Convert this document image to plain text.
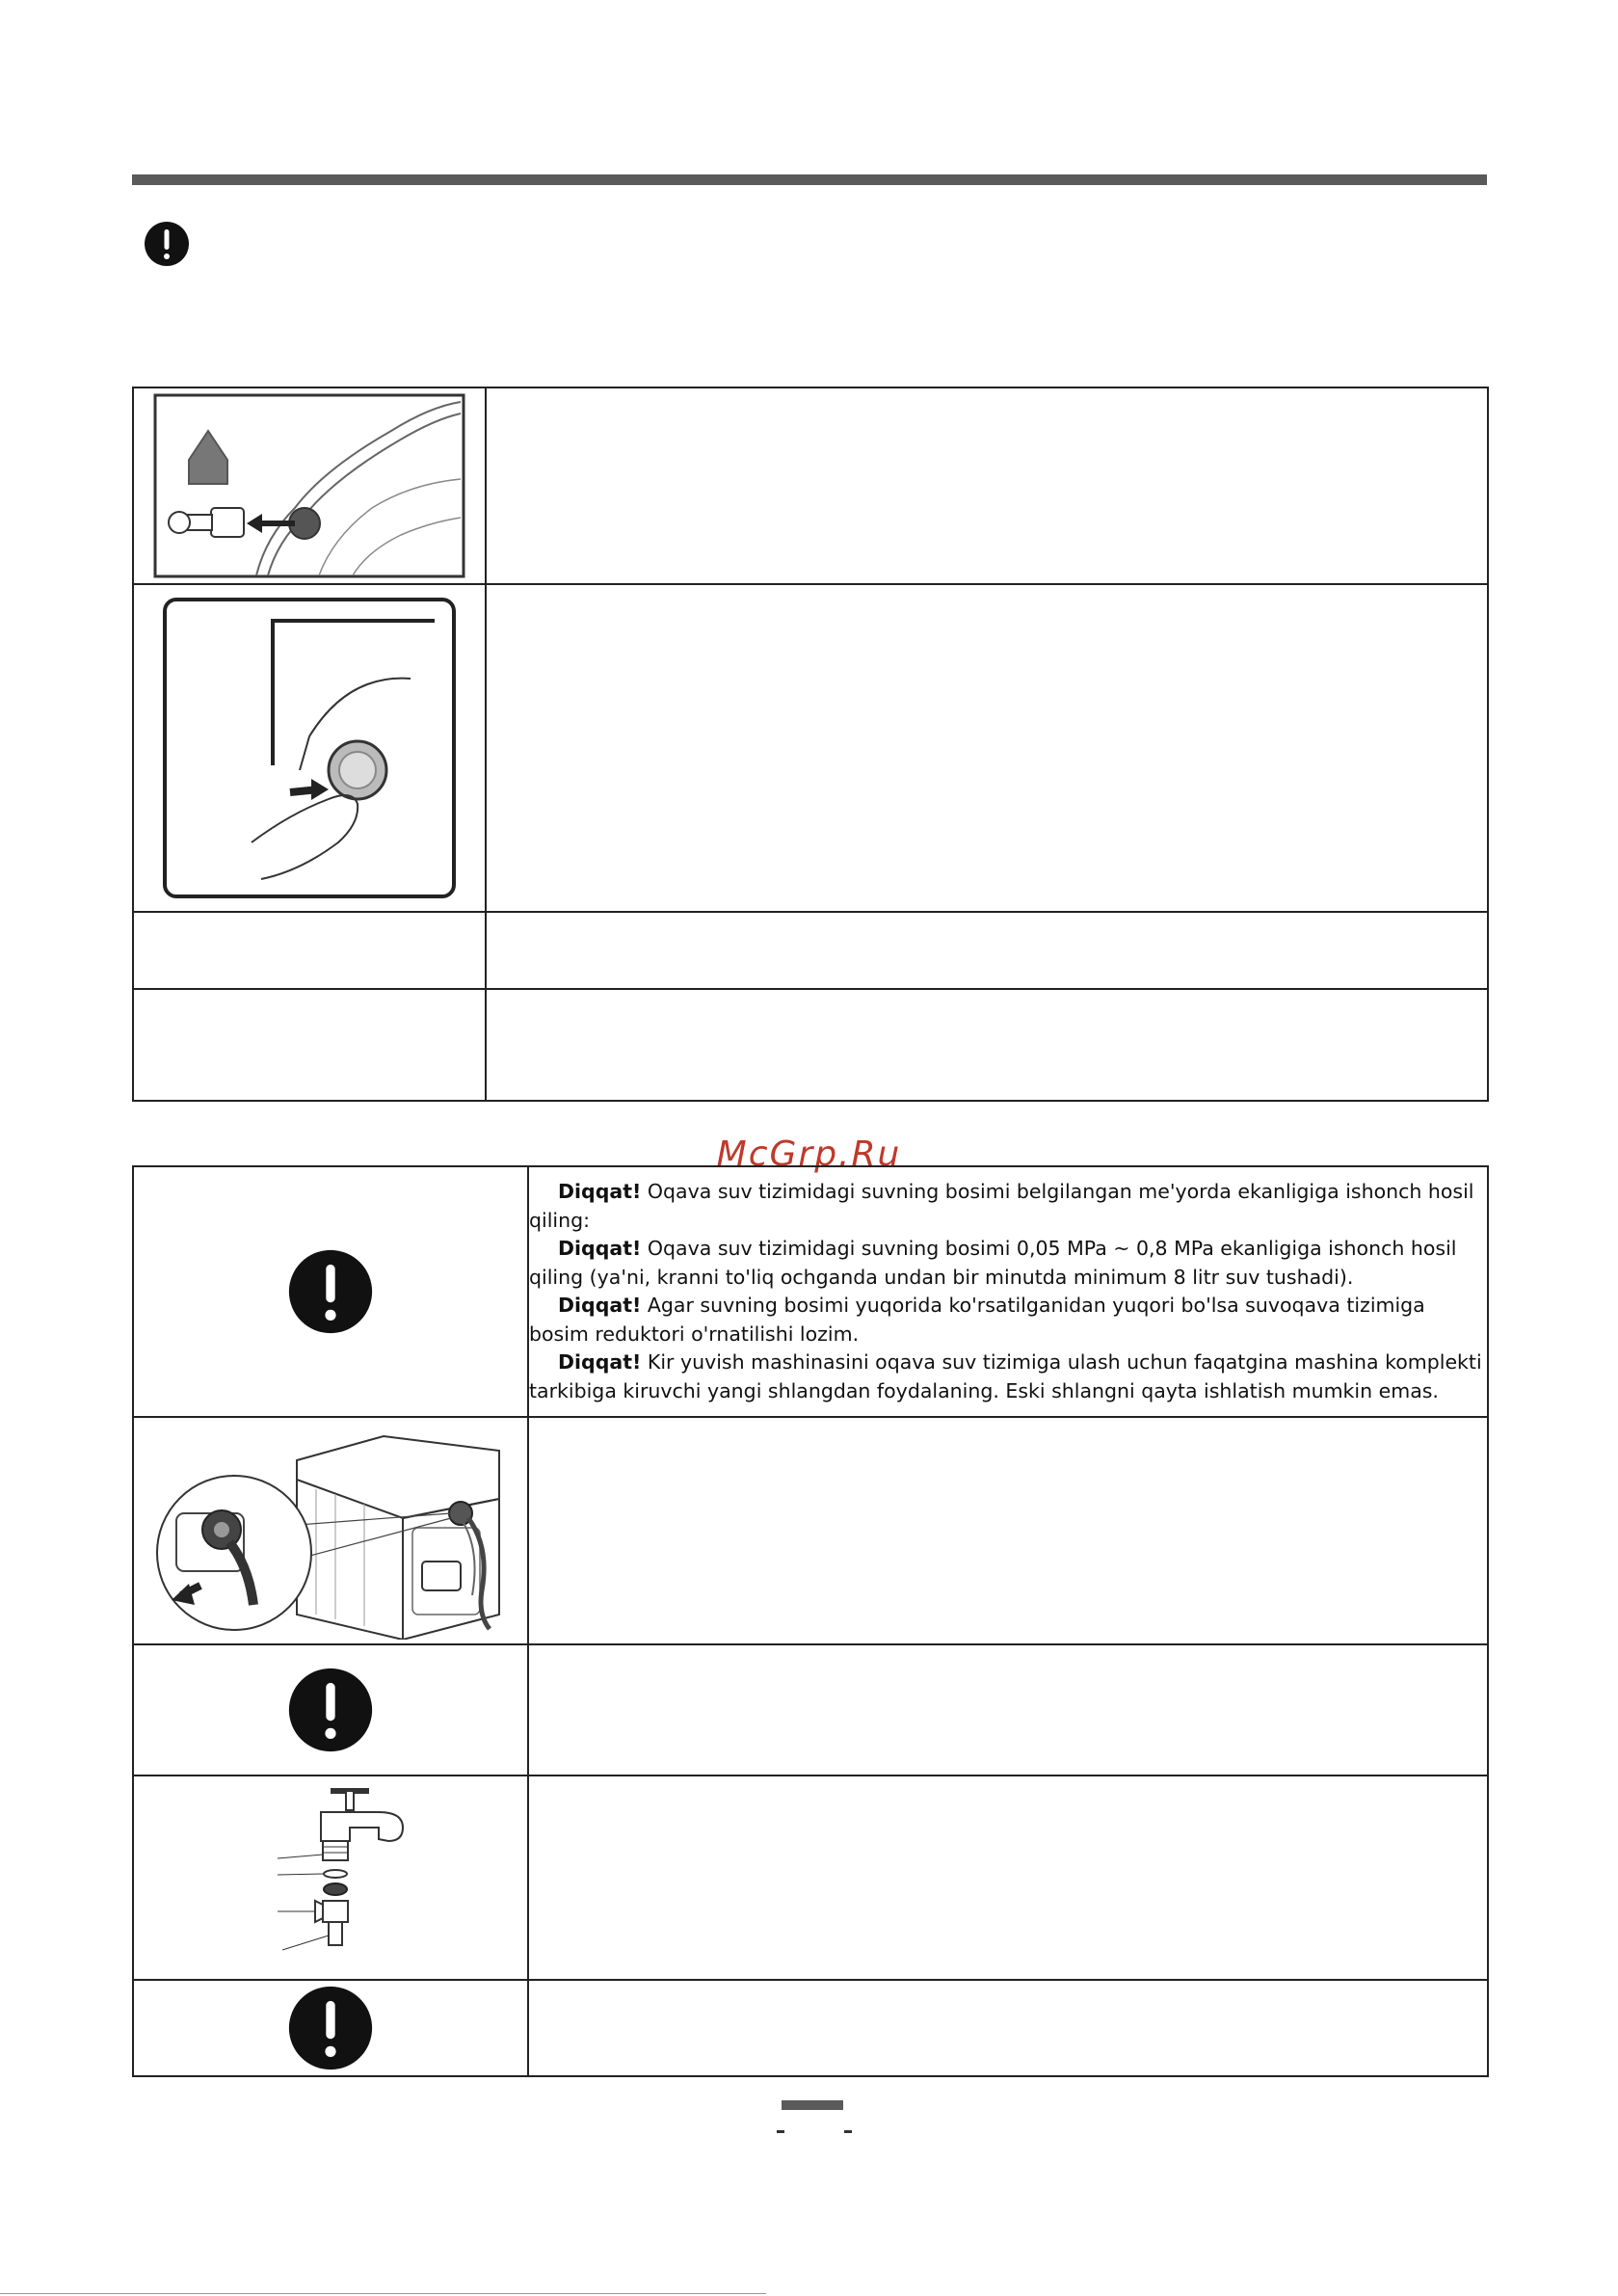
McGrp.Ru

Diqqat! Oqava suv tizimidagi suvning bosimi belgilangan me'yorda ekanligiga ishonch hosil qiling:

Diqqat! Oqava suv tizimidagi suvning bosimi 0,05 MPa ~ 0,8 MPa ekanligiga ishonch hosil qiling (ya'ni, kranni to'liq ochganda undan bir minutda minimum 8 litr suv tushadi).

Diqqat! Agar suvning bosimi yuqorida ko'rsatilganidan yuqori bo'lsa suvoqava tizimiga bosim reduktori o'rnatilishi lozim.

Diqqat! Kir yuvish mashinasini oqava suv tizimiga ulash uchun faqatgina mashina komplekti tarkibiga kiruvchi yangi shlangdan foydalaning. Eski shlangni qayta ishlatish mumkin emas.
